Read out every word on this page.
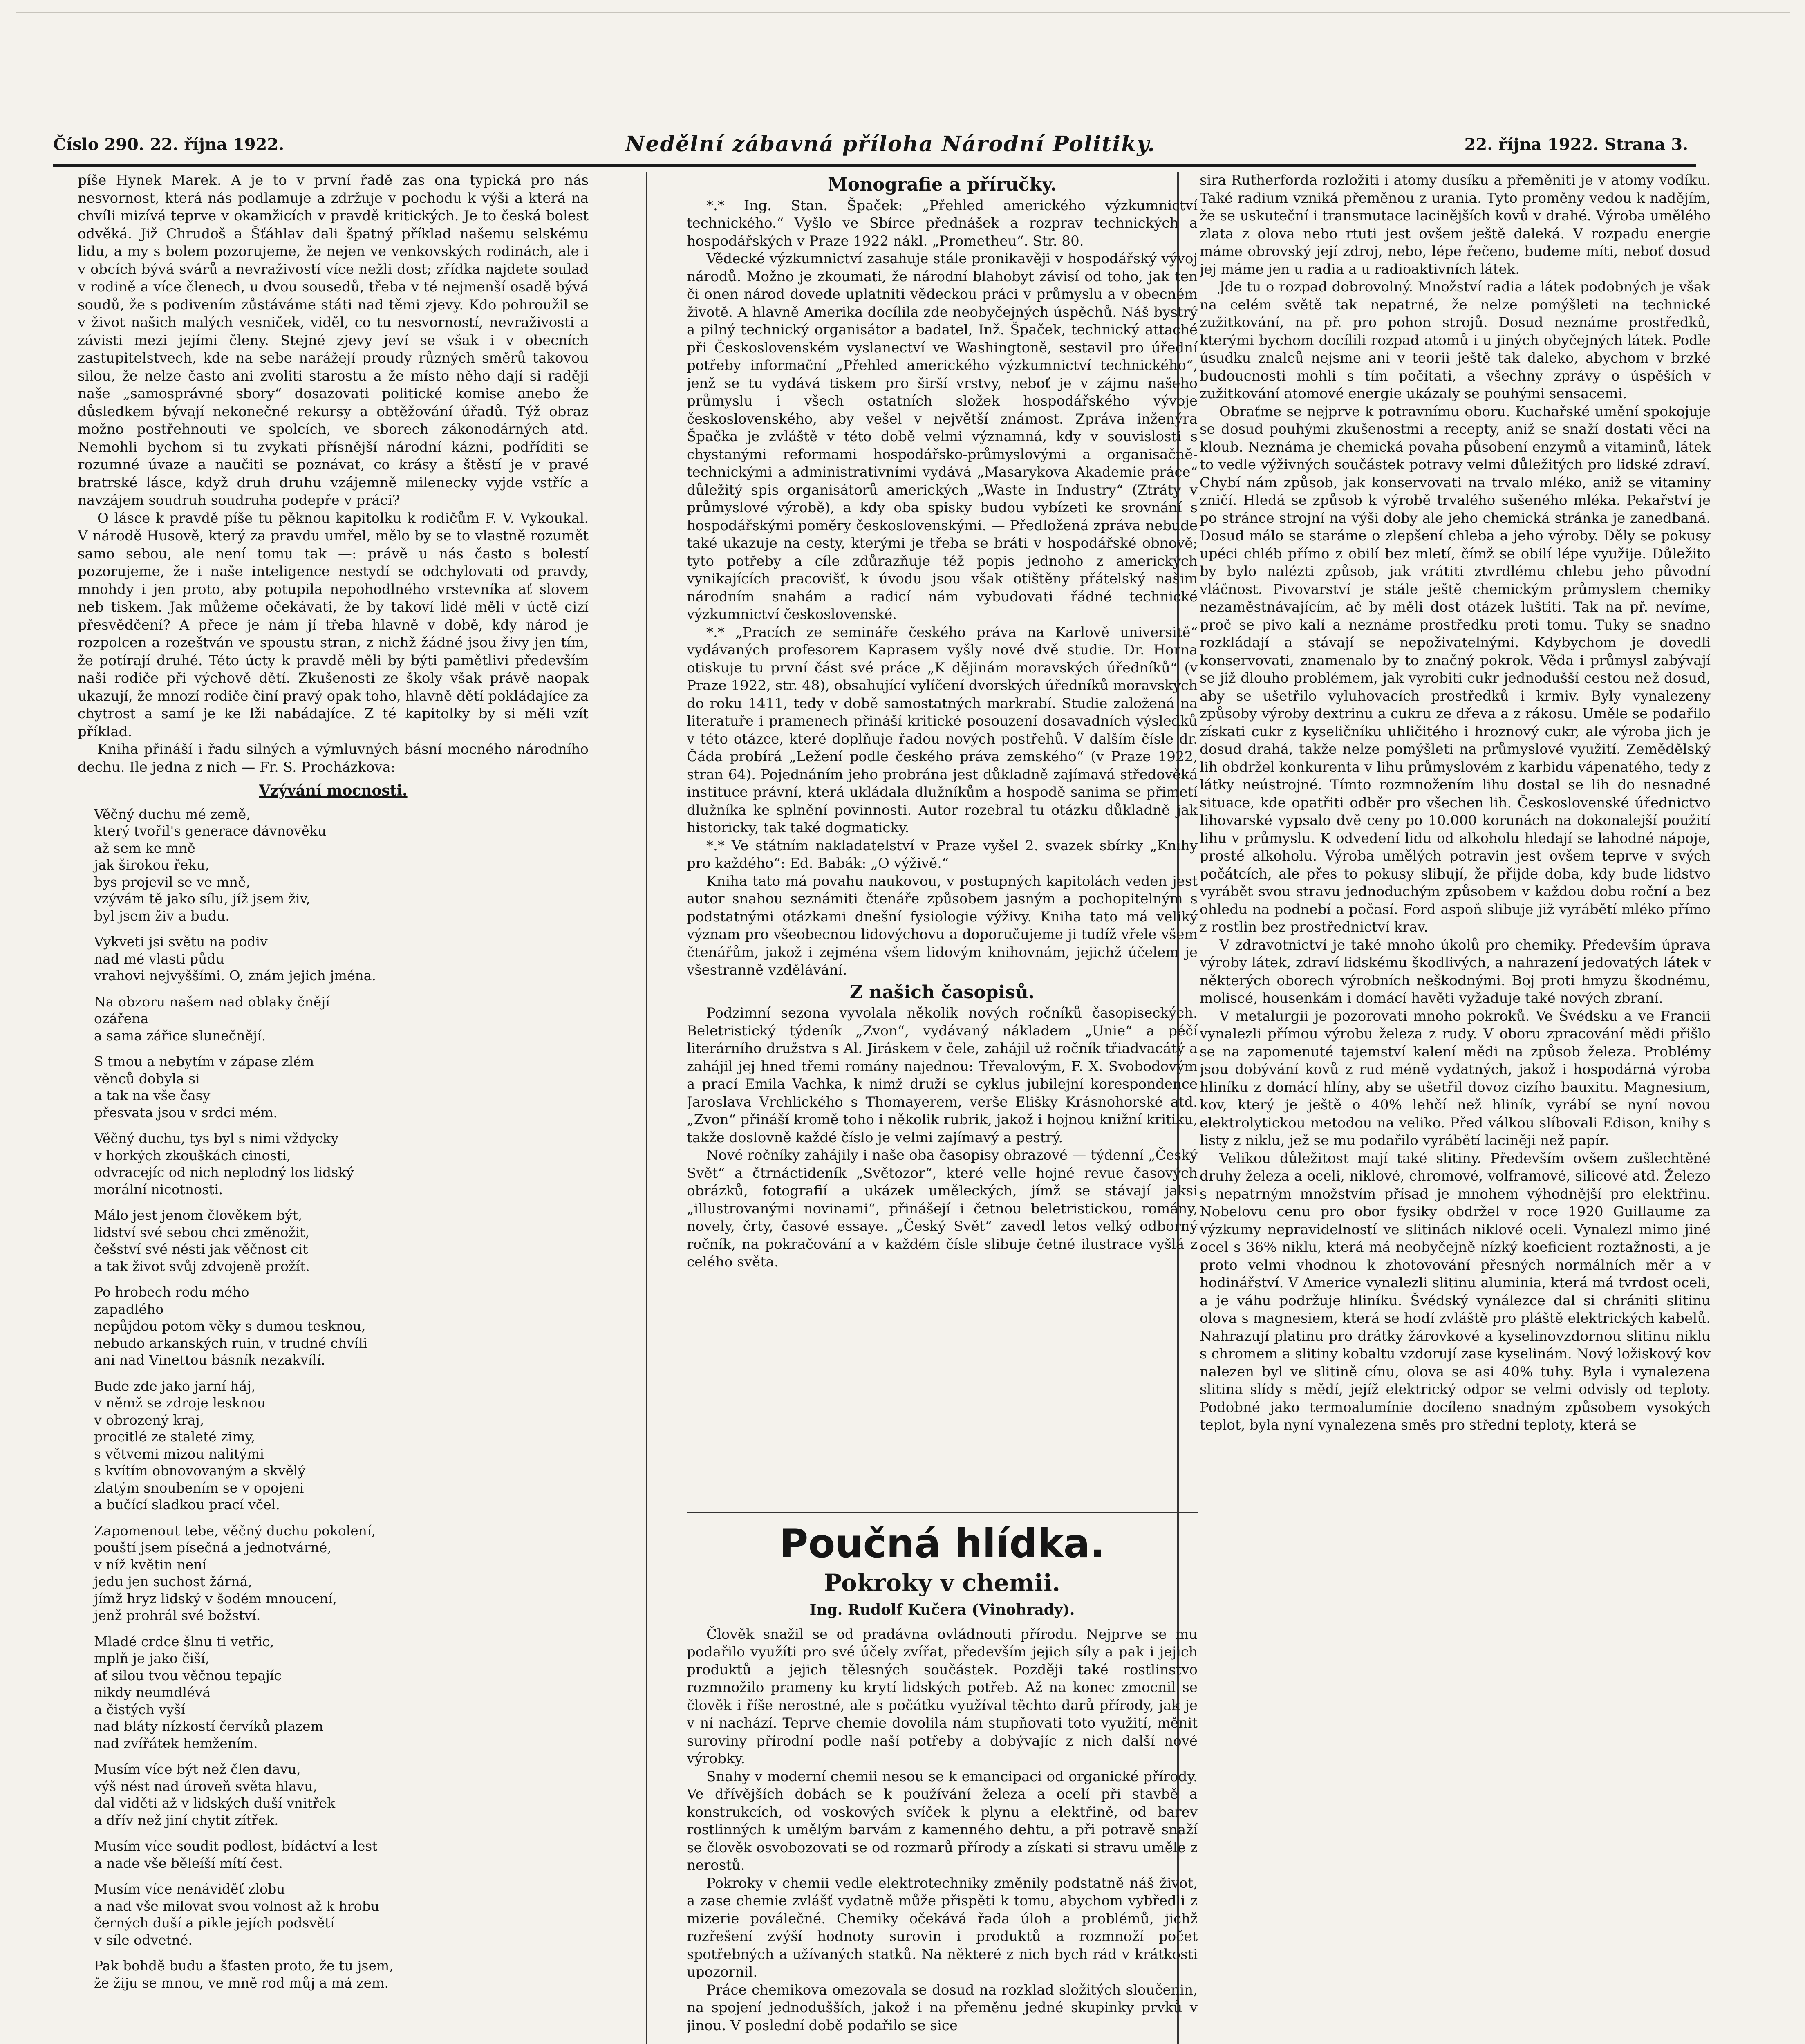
Číslo 290. 22. října 1922.	Nedělní zábavná příloha Národní Politiky.	22. října 1922. Strana 3.

píše Hynek Marek. A je to v první řadě zas ona typická pro nás nesvornost, která nás podlamuje a zdržuje v pochodu k výši a která na chvíli mizívá teprve v okamžicích v pravdě kritických. Je to česká bolest odvěká. Již Chrudoš a Šťáhlav dali špatný příklad našemu selskému lidu, a my s bolem pozorujeme, že nejen ve venkovských rodinách, ale i v obcích bývá svárů a nevraživostí více nežli dost; zřídka najdete soulad v rodině a více členech, u dvou sousedů, třeba v té nejmenší osadě bývá soudů, že s podivením zůstáváme státi nad těmi zjevy. Kdo pohroužil se v život našich malých vesniček, viděl, co tu nesvorností, nevraživosti a závisti mezi jejími členy. Stejné zjevy jeví se však i v obecních zastupitelstvech, kde na sebe narážejí proudy různých směrů takovou silou, že nelze často ani zvoliti starostu a že místo něho dají si raději naše „samosprávné sbory“ dosazovati politické komise anebo že důsledkem bývají nekonečné rekursy a obtěžování úřadů. Týž obraz možno postřehnouti ve spolcích, ve sborech zákonodárných atd. Nemohli bychom si tu zvykati přísnější národní kázni, podříditi se rozumné úvaze a naučiti se poznávat, co krásy a štěstí je v pravé bratrské lásce, když druh druhu vzájemně milenecky vyjde vstříc a navzájem soudruh soudruha podepře v práci?

O lásce k pravdě píše tu pěknou kapitolku k rodičům F. V. Vykoukal. V národě Husově, který za pravdu umřel, mělo by se to vlastně rozumět samo sebou, ale není tomu tak —: právě u nás často s bolestí pozorujeme, že i naše inteligence nestydí se odchylovati od pravdy, mnohdy i jen proto, aby potupila nepohodlného vrstevníka ať slovem neb tiskem. Jak můžeme očekávati, že by takoví lidé měli v úctě cizí přesvědčení? A přece je nám jí třeba hlavně v době, kdy národ je rozpolcen a rozeštván ve spoustu stran, z nichž žádné jsou živy jen tím, že potírají druhé. Této úcty k pravdě měli by býti pamětlivi především naši rodiče při výchově dětí. Zkušenosti ze školy však právě naopak ukazují, že mnozí rodiče činí pravý opak toho, hlavně dětí pokládajíce za chytrost a samí je ke lži nabádajíce. Z té kapitolky by si měli vzít příklad.

Kniha přináší i řadu silných a výmluvných básní mocného národního dechu. Ile jedna z nich — Fr. S. Procházkova:

Vzývání mocnosti.
Věčný duchu mé země,
který tvořil's generace dávnověku
až sem ke mně
jak širokou řeku,
bys projevil se ve mně,
vzývám tě jako sílu, jíž jsem živ,
byl jsem živ a budu.
Vykveti jsi světu na podiv
nad mé vlasti půdu
vrahovi nejvyššími. O, znám jejich jména.
Na obzoru našem nad oblaky čnějí
ozářena
a sama zářice slunečnějí.
S tmou a nebytím v zápase zlém
věnců dobyla si
a tak na vše časy
přesvata jsou v srdci mém.
Věčný duchu, tys byl s nimi vždycky
v horkých zkouškách cinosti,
odvracejíc od nich neplodný los lidský
morální nicotnosti.
Málo jest jenom člověkem být,
lidství své sebou chci změnožit,
češství své nésti jak věčnost cit
a tak život svůj zdvojeně prožít.
Po hrobech rodu mého
zapadlého
nepůjdou potom věky s dumou tesknou,
nebudo arkanských ruin, v trudné chvíli
ani nad Vinettou básník nezakvílí.
Bude zde jako jarní háj,
v němž se zdroje lesknou
v obrozený kraj,
procitlé ze staleté zimy,
s větvemi mizou nalitými
s kvítím obnovovaným a skvělý
zlatým snoubením se v opojeni
a bučící sladkou prací včel.
Zapomenout tebe, věčný duchu pokolení,
pouští jsem písečná a jednotvárné,
v níž květin není
jedu jen suchost žárná,
jímž hryz lidský v šodém mnoucení,
jenž prohrál své božství.
Mladé crdce šlnu ti vetřic,
mplň je jako čiší,
ať silou tvou věčnou tepajíc
nikdy neumdlévá
a čistých vyší
nad bláty nízkostí červíků plazem
nad zvířátek hemžením.
Musím více být než člen davu,
výš nést nad úroveň světa hlavu,
dal viděti až v lidských duší vnitřek
a dřív než jiní chytit zítřek.
Musím více soudit podlost, bídáctví a lest
a nade vše běleíší mítí čest.
Musím více nenáviděť zlobu
a nad vše milovat svou volnost až k hrobu
černých duší a pikle jejích podsvětí
v síle odvetné.
Pak bohdě budu a šťasten proto, že tu jsem,
že žiju se mnou, ve mně rod můj a má zem.
Monografie a příručky.

*.* Ing. Stan. Špaček: „Přehled amerického výzkumnictví technického.“ Vyšlo ve Sbírce přednášek a rozprav technických a hospodářských v Praze 1922 nákl. „Prometheu“. Str. 80.

Vědecké výzkumnictví zasahuje stále pronikavěji v hospodářský vývoj národů. Možno je zkoumati, že národní blahobyt závisí od toho, jak ten či onen národ dovede uplatniti vědeckou práci v průmyslu a v obecném životě. A hlavně Amerika docílila zde neobyčejných úspěchů. Náš bystrý a pilný technický organisátor a badatel, Inž. Špaček, technický attaché při Československém vyslanectví ve Washingtoně, sestavil pro úřední potřeby informační „Přehled amerického výzkumnictví technického“, jenž se tu vydává tiskem pro širší vrstvy, neboť je v zájmu našeho průmyslu i všech ostatních složek hospodářského vývoje československého, aby vešel v největší známost. Zpráva inženýra Špačka je zvláště v této době velmi významná, kdy v souvislosti s chystanými reformami hospodářsko-průmyslovými a organisačně-technickými a administrativními vydává „Masarykova Akademie práce“ důležitý spis organisátorů amerických „Waste in Industry“ (Ztráty v průmyslové výrobě), a kdy oba spisky budou vybízeti ke srovnání s hospodářskými poměry československými. — Předložená zpráva nebude také ukazuje na cesty, kterými je třeba se bráti v hospodářské obnově; tyto potřeby a cíle zdůrazňuje též popis jednoho z amerických vynikajících pracovišť, k úvodu jsou však otištěny přátelský našim národním snahám a radicí nám vybudovati řádné technické výzkumnictví československé.

*.* „Pracích ze semináře českého práva na Karlově universitě“ vydávaných profesorem Kaprasem vyšly nové dvě studie. Dr. Horna otiskuje tu první část své práce „K dějinám moravských úředníků“ (v Praze 1922, str. 48), obsahující vylíčení dvorských úředníků moravských do roku 1411, tedy v době samostatných markrabí. Studie založená na literatuře i pramenech přináší kritické posouzení dosavadních výsledků v této otázce, které doplňuje řadou nových postřehů. V dalším čísle dr. Čáda probírá „Ležení podle českého práva zemského“ (v Praze 1922, stran 64). Pojednáním jeho probrána jest důkladně zajímavá středověká instituce právní, která ukládala dlužníkům a hospodě sanima se přimetí dlužníka ke splnění povinnosti. Autor rozebral tu otázku důkladně jak historicky, tak také dogmaticky.

*.* Ve státním nakladatelství v Praze vyšel 2. svazek sbírky „Knihy pro každého“: Ed. Babák: „O výživě.“

Kniha tato má povahu naukovou, v postupných kapitolách veden jest autor snahou seznámiti čtenáře způsobem jasným a pochopitelným s podstatnými otázkami dnešní fysiologie výživy. Kniha tato má veliký význam pro všeobecnou lidovýchovu a doporučujeme ji tudíž vřele všem čtenářům, jakož i zejména všem lidovým knihovnám, jejichž účelem je všestranně vzdělávání.

Z našich časopisů.

Podzimní sezona vyvolala několik nových ročníků časopiseckých. Beletristický týdeník „Zvon“, vydávaný nákladem „Unie“ a péčí literárního družstva s Al. Jiráskem v čele, zahájil už ročník třiadvacátý a zahájil jej hned třemi romány najednou: Třevalovým, F. X. Svobodovým a prací Emila Vachka, k nimž druží se cyklus jubilejní korespondence Jaroslava Vrchlického s Thomayerem, verše Elišky Krásnohorské atd. „Zvon“ přináší kromě toho i několik rubrik, jakož i hojnou knižní kritiku, takže doslovně každé číslo je velmi zajímavý a pestrý.

Nové ročníky zahájily i naše oba časopisy obrazové — týdenní „Český Svět“ a čtrnáctideník „Světozor“, které velle hojné revue časových obrázků, fotografií a ukázek uměleckých, jímž se stávají jaksi „illustrovanými novinami“, přinášejí i četnou beletristickou, romány, novely, črty, časové essaye. „Český Svět“ zavedl letos velký odborný ročník, na pokračování a v každém čísle slibuje četné ilustrace vyšlá z celého světa.

Poučná hlídka.
Pokroky v chemii.
Ing. Rudolf Kučera (Vinohrady).

Člověk snažil se od pradávna ovládnouti přírodu. Nejprve se mu podařilo využíti pro své účely zvířat, především jejich síly a pak i jejich produktů a jejich tělesných součástek. Později také rostlinstvo rozmnožilo prameny ku krytí lidských potřeb. Až na konec zmocnil se člověk i říše nerostné, ale s počátku využíval těchto darů přírody, jak je v ní nachází. Teprve chemie dovolila nám stupňovati toto využití, měnit suroviny přírodní podle naší potřeby a dobývajíc z nich další nové výrobky.

Snahy v moderní chemii nesou se k emancipaci od organické přírody. Ve dřívějších dobách se k používání železa a ocelí při stavbě a konstrukcích, od voskových svíček k plynu a elektřině, od barev rostlinných k umělým barvám z kamenného dehtu, a při potravě snaží se člověk osvobozovati se od rozmarů přírody a získati si stravu uměle z nerostů.

Pokroky v chemii vedle elektrotechniky změnily podstatně náš život, a zase chemie zvlášť vydatně může přispěti k tomu, abychom vybředli z mizerie poválečné. Chemiky očekává řada úloh a problémů, jichž rozřešení zvýší hodnoty surovin i produktů a rozmnoží počet spotřebných a užívaných statků. Na některé z nich bych rád v krátkosti upozornil.

Práce chemikova omezovala se dosud na rozklad složitých sloučenin, na spojení jednodušších, jakož i na přeměnu jedné skupinky prvků v jinou. V poslední době podařilo se sice

sira Rutherforda rozložiti i atomy dusíku a přeměniti je v atomy vodíku. Také radium vzniká přeměnou z urania. Tyto proměny vedou k nadějím, že se uskuteční i transmutace lacinějších kovů v drahé. Výroba umělého zlata z olova nebo rtuti jest ovšem ještě daleká. V rozpadu energie máme obrovský její zdroj, nebo, lépe řečeno, budeme míti, neboť dosud jej máme jen u radia a u radioaktivních látek.

Jde tu o rozpad dobrovolný. Množství radia a látek podobných je však na celém světě tak nepatrné, že nelze pomýšleti na technické zužitkování, na př. pro pohon strojů. Dosud neznáme prostředků, kterými bychom docílili rozpad atomů i u jiných obyčejných látek. Podle úsudku znalců nejsme ani v teorii ještě tak daleko, abychom v brzké budoucnosti mohli s tím počítati, a všechny zprávy o úspěších v zužitkování atomové energie ukázaly se pouhými sensacemi.

Obraťme se nejprve k potravnímu oboru. Kuchařské umění spokojuje se dosud pouhými zkušenostmi a recepty, aniž se snaží dostati věci na kloub. Neznáma je chemická povaha působení enzymů a vitaminů, látek to vedle výživných součástek potravy velmi důležitých pro lidské zdraví. Chybí nám způsob, jak konservovati na trvalo mléko, aniž se vitaminy zničí. Hledá se způsob k výrobě trvalého sušeného mléka. Pekařství je po stránce strojní na výši doby ale jeho chemická stránka je zanedbaná. Dosud málo se staráme o zlepšení chleba a jeho výroby. Děly se pokusy upéci chléb přímo z obilí bez mletí, čímž se obilí lépe využije. Důležito by bylo nalézti způsob, jak vrátiti ztvrdlému chlebu jeho původní vláčnost. Pivovarství je stále ještě chemickým průmyslem chemiky nezaměstnávajícím, ač by měli dost otázek luštiti. Tak na př. nevíme, proč se pivo kalí a neznáme prostředku proti tomu. Tuky se snadno rozkládají a stávají se nepoživatelnými. Kdybychom je dovedli konservovati, znamenalo by to značný pokrok. Věda i průmysl zabývají se již dlouho problémem, jak vyrobiti cukr jednodušší cestou než dosud, aby se ušetřilo vyluhovacích prostředků i krmiv. Byly vynalezeny způsoby výroby dextrinu a cukru ze dřeva a z rákosu. Uměle se podařilo získati cukr z kyseličníku uhličitého i hroznový cukr, ale výroba jich je dosud drahá, takže nelze pomýšleti na průmyslové využití. Zemědělský lih obdržel konkurenta v lihu průmyslovém z karbidu vápenatého, tedy z látky neústrojné. Tímto rozmnožením lihu dostal se lih do nesnadné situace, kde opatřiti odběr pro všechen lih. Československé úřednictvo lihovarské vypsalo dvě ceny po 10.000 korunách na dokonalejší použití lihu v průmyslu. K odvedení lidu od alkoholu hledají se lahodné nápoje, prosté alkoholu. Výroba umělých potravin jest ovšem teprve v svých počátcích, ale přes to pokusy slibují, že přijde doba, kdy bude lidstvo vyrábět svou stravu jednoduchým způsobem v každou dobu roční a bez ohledu na podnebí a počasí. Ford aspoň slibuje již vyrábětí mléko přímo z rostlin bez prostřednictví krav.

V zdravotnictví je také mnoho úkolů pro chemiky. Především úprava výroby látek, zdraví lidskému škodlivých, a nahrazení jedovatých látek v některých oborech výrobních neškodnými. Boj proti hmyzu škodnému, moliscé, housenkám i domácí havěti vyžaduje také nových zbraní.

V metalurgii je pozorovati mnoho pokroků. Ve Švédsku a ve Francii vynalezli přímou výrobu železa z rudy. V oboru zpracování mědi přišlo se na zapomenuté tajemství kalení mědi na způsob železa. Problémy jsou dobývání kovů z rud méně vydatných, jakož i hospodárná výroba hliníku z domácí hlíny, aby se ušetřil dovoz cizího bauxitu. Magnesium, kov, který je ještě o 40% lehčí než hliník, vyrábí se nyní novou elektrolytickou metodou na veliko. Před válkou slíbovali Edison, knihy s listy z niklu, jež se mu podařilo vyrábětí laciněji než papír.

Velikou důležitost mají také slitiny. Především ovšem zušlechtěné druhy železa a oceli, niklové, chromové, volframové, silicové atd. Železo s nepatrným množstvím přísad je mnohem výhodnější pro elektřinu. Nobelovu cenu pro obor fysiky obdržel v roce 1920 Guillaume za výzkumy nepravidelností ve slitinách niklové oceli. Vynalezl mimo jiné ocel s 36% niklu, která má neobyčejně nízký koeficient roztažnosti, a je proto velmi vhodnou k zhotovování přesných normálních měr a v hodinářství. V Americe vynalezli slitinu aluminia, která má tvrdost oceli, a je váhu podržuje hliníku. Švédský vynálezce dal si chrániti slitinu olova s magnesiem, která se hodí zvláště pro pláště elektrických kabelů. Nahrazují platinu pro drátky žárovkové a kyselinovzdornou slitinu niklu s chromem a slitiny kobaltu vzdorují zase kyselinám. Nový ložiskový kov nalezen byl ve slitině cínu, olova se asi 40% tuhy. Byla i vynalezena slitina slídy s mědí, jejíž elektrický odpor se velmi odvisly od teploty. Podobné jako termoalumínie docíleno snadným způsobem vysokých teplot, byla nyní vynalezena směs pro střední teploty, která se
